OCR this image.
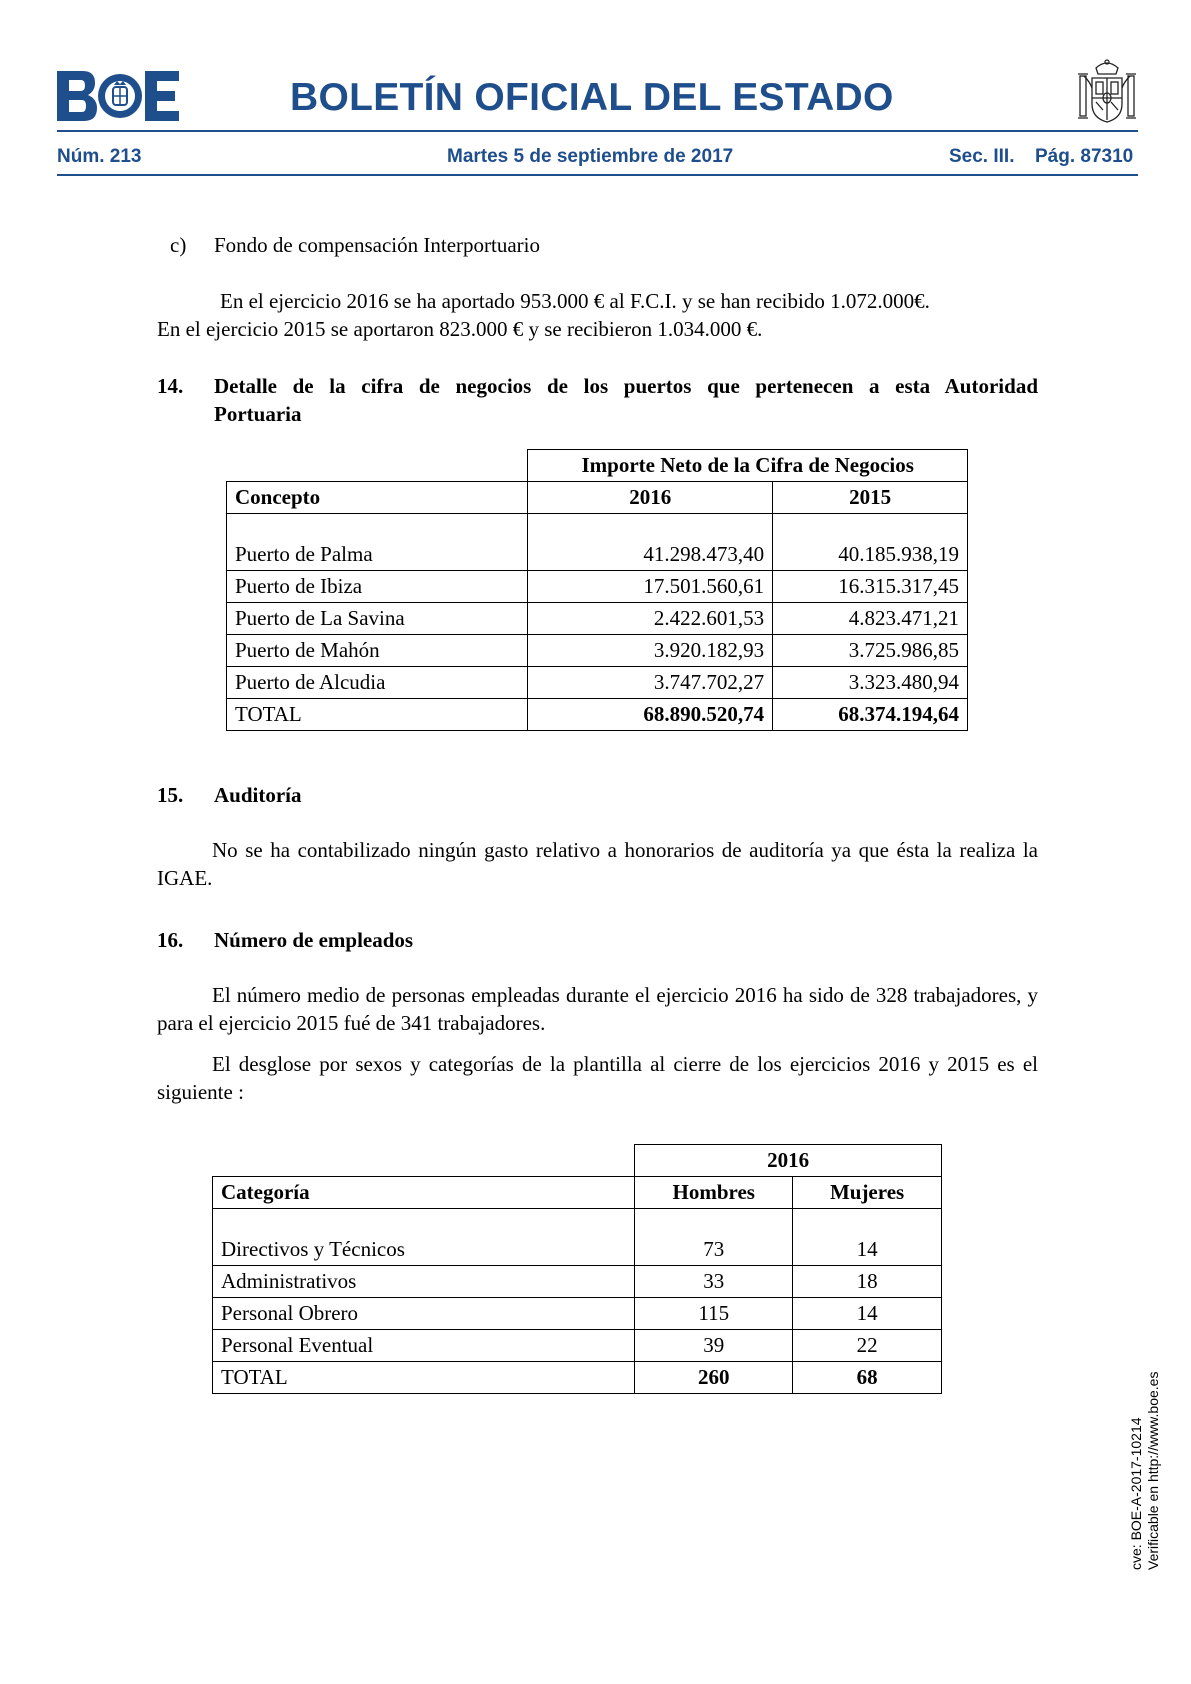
BOLETÍN OFICIAL DEL ESTADO
Núm. 213	Martes 5 de septiembre de 2017	Sec. III. Pág. 87310
c) Fondo de compensación Interportuario
En el ejercicio 2016 se ha aportado 953.000 € al F.C.I. y se han recibido 1.072.000€.
En el ejercicio 2015 se aportaron 823.000 € y se recibieron 1.034.000 €.
14. Detalle de la cifra de negocios de los puertos que pertenecen a esta Autoridad
Portuaria
	Importe Neto de la Cifra de Negocios	
Concepto	2016	2015
Puerto de Palma	41.298.473,40	40.185.938,19
Puerto de Ibiza	17.501.560,61	16.315.317,45
Puerto de La Savina	2.422.601,53	4.823.471,21
Puerto de Mahón	3.920.182,93	3.725.986,85
Puerto de Alcudia	3.747.702,27	3.323.480,94
TOTAL	68.890.520,74	68.374.194,64
15. Auditoría
No se ha contabilizado ningún gasto relativo a honorarios de auditoría ya que ésta la realiza la IGAE.
16. Número de empleados
El número medio de personas empleadas durante el ejercicio 2016 ha sido de 328 trabajadores, y para el ejercicio 2015 fué de 341 trabajadores.
El desglose por sexos y categorías de la plantilla al cierre de los ejercicios 2016 y 2015 es el siguiente :
	2016	
Categoría	Hombres	Mujeres
Directivos y Técnicos	73	14
Administrativos	33	18
Personal Obrero	115	14
Personal Eventual	39	22
TOTAL	260	68
cve: BOE-A-2017-10214 Verificable en http://www.boe.es
